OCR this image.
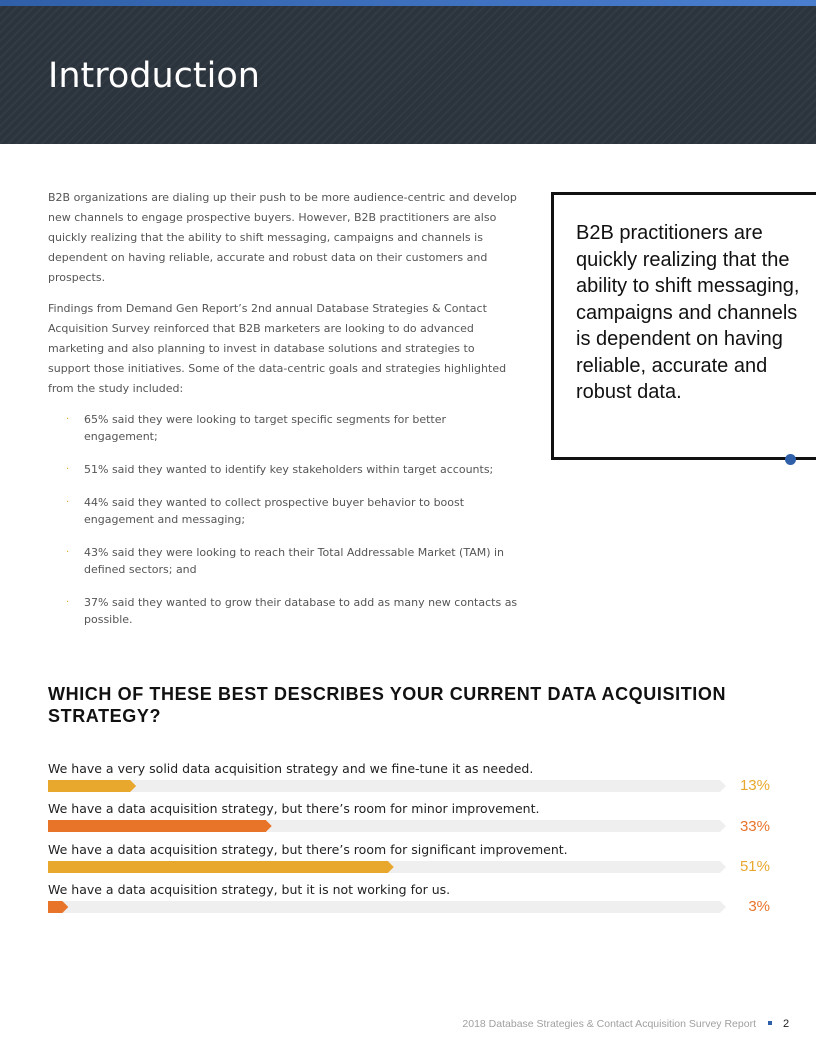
Introduction

B2B organizations are dialing up their push to be more audience-centric and develop new channels to engage prospective buyers. However, B2B practitioners are also quickly realizing that the ability to shift messaging, campaigns and channels is dependent on having reliable, accurate and robust data on their customers and prospects.

Findings from Demand Gen Report’s 2nd annual Database Strategies & Contact Acquisition Survey reinforced that B2B marketers are looking to do advanced marketing and also planning to invest in database solutions and strategies to support those initiatives. Some of the data-centric goals and strategies highlighted from the study included:

· 65% said they were looking to target specific segments for better engagement;
· 51% said they wanted to identify key stakeholders within target accounts;
· 44% said they wanted to collect prospective buyer behavior to boost engagement and messaging;
· 43% said they were looking to reach their Total Addressable Market (TAM) in defined sectors; and
· 37% said they wanted to grow their database to add as many new contacts as possible.
B2B practitioners are quickly realizing that the ability to shift messaging, campaigns and channels is dependent on having reliable, accurate and robust data.
WHICH OF THESE BEST DESCRIBES YOUR CURRENT DATA ACQUISITION STRATEGY?
We have a very solid data acquisition strategy and we fine-tune it as needed.
13%
We have a data acquisition strategy, but there’s room for minor improvement.
33%
We have a data acquisition strategy, but there’s room for significant improvement.
51%
We have a data acquisition strategy, but it is not working for us.
3%
2018 Database Strategies & Contact Acquisition Survey Report	2
